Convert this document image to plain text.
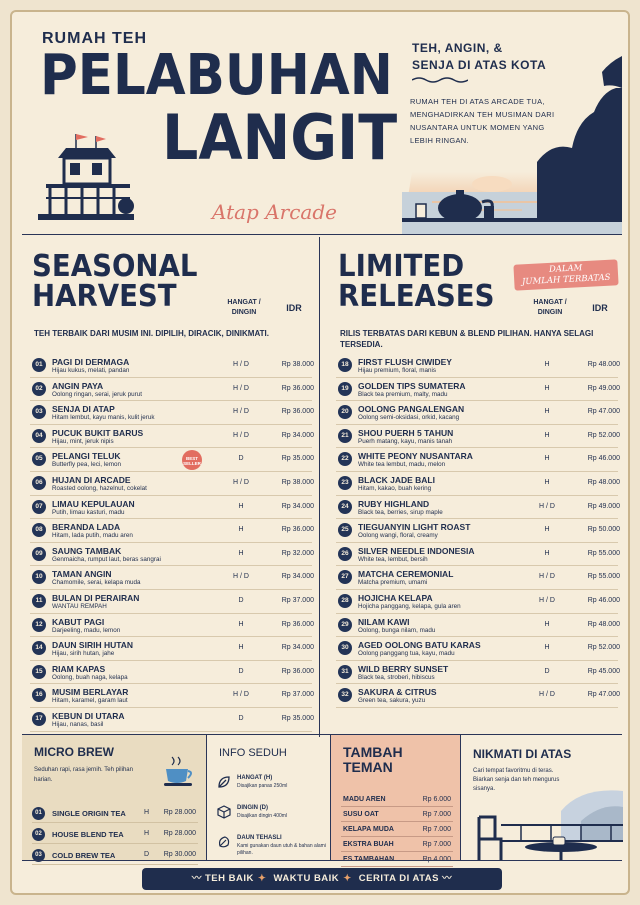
RUMAH TEH
PELABUHAN
LANGIT
Atap Arcade
TEH, ANGIN, &
SENJA DI ATAS KOTA
RUMAH TEH DI ATAS ARCADE TUA, MENGHADIRKAN TEH MUSIMAN DARI NUSANTARA UNTUK MOMEN YANG LEBIH RINGAN.
SEASONAL
HARVEST	HANGAT / DINGIN	IDR
TEH TERBAIK DARI MUSIM INI. DIPILIH, DIRACIK, DINIKMATI.
01	PAGI DI DERMAGA
Hijau kukus, melati, pandan
H / D	Rp 38.000
02	ANGIN PAYA
Oolong ringan, serai, jeruk purut
H / D	Rp 36.000
03	SENJA DI ATAP
Hitam lembut, kayu manis, kulit jeruk
H / D	Rp 36.000
04	PUCUK BUKIT BARUS
Hijau, mint, jeruk nipis
H / D	Rp 34.000
05	PELANGI TELUK
Butterfly pea, leci, lemon
D	Rp 35.000
BEST SELLER
06	HUJAN DI ARCADE
Roasted oolong, hazelnut, cokelat
H / D	Rp 38.000
07	LIMAU KEPULAUAN
Putih, limau kasturi, madu
H	Rp 34.000
08	BERANDA LADA
Hitam, lada putih, madu aren
H	Rp 36.000
09	SAUNG TAMBAK
Genmaicha, rumput laut, beras sangrai
H	Rp 32.000
10	TAMAN ANGIN
Chamomile, serai, kelapa muda
H / D	Rp 34.000
11	BULAN DI PERAIRAN
WANTAU REMPAH
D	Rp 37.000
12	KABUT PAGI
Darjeeling, madu, lemon
H	Rp 36.000
14	DAUN SIRIH HUTAN
Hijau, sirih hutan, jahe
H	Rp 34.000
15	RIAM KAPAS
Oolong, buah naga, kelapa
D	Rp 36.000
16	MUSIM BERLAYAR
Hitam, karamel, garam laut
H / D	Rp 37.000
17	KEBUN DI UTARA
Hijau, nanas, basil
D	Rp 35.000
LIMITED
RELEASES
DALAM
JUMLAH TERBATAS
HANGAT / DINGIN	IDR
RILIS TERBATAS DARI KEBUN & BLEND PILIHAN. HANYA SELAGI TERSEDIA.
18	FIRST FLUSH CIWIDEY
Hijau premium, floral, manis
H	Rp 48.000
19	GOLDEN TIPS SUMATERA
Black tea premium, malty, madu
H	Rp 49.000
20	OOLONG PANGALENGAN
Oolong semi-oksidasi, orkid, kacang
H	Rp 47.000
21	SHOU PUERH 5 TAHUN
Puerh matang, kayu, manis tanah
H	Rp 52.000
22	WHITE PEONY NUSANTARA
White tea lembut, madu, melon
H	Rp 46.000
23	BLACK JADE BALI
Hitam, kakao, buah kering
H	Rp 48.000
24	RUBY HIGHLAND
Black tea, berries, sirup maple
H / D	Rp 49.000
25	TIEGUANYIN LIGHT ROAST
Oolong wangi, floral, creamy
H	Rp 50.000
26	SILVER NEEDLE INDONESIA
White tea, lembut, bersih
H	Rp 55.000
27	MATCHA CEREMONIAL
Matcha premium, umami
H / D	Rp 55.000
28	HOJICHA KELAPA
Hojicha panggang, kelapa, gula aren
H / D	Rp 46.000
29	NILAM KAWI
Oolong, bunga nilam, madu
H	Rp 48.000
30	AGED OOLONG BATU KARAS
Oolong panggang tua, kayu, madu
H	Rp 52.000
31	WILD BERRY SUNSET
Black tea, stroberi, hibiscus
D	Rp 45.000
32	SAKURA & CITRUS
Green tea, sakura, yuzu
H / D	Rp 47.000
MICRO BREW
Seduhan rapi, rasa jernih. Teh pilihan harian.
01	SINGLE ORIGIN TEA	H	Rp 28.000
02	HOUSE BLEND TEA	H	Rp 28.000
03	COLD BREW TEA	D	Rp 30.000
INFO SEDUH
HANGAT (H)
Disajikan panas 250ml
DINGIN (D)
Disajikan dingin 400ml
DAUN TEHASLI
Kami gunakan daun utuh & bahan alami pilihan.
TAMBAH
TEMAN
MADU AREN	Rp 6.000
SUSU OAT	Rp 7.000
KELAPA MUDA	Rp 7.000
EKSTRA BUAH	Rp 7.000
ES TAMBAHAN	Rp 4.000
NIKMATI DI ATAS
Cari tempat favoritmu di teras. Biarkan senja dan teh mengurus sisanya.
〰 TEH BAIK ✦ WAKTU BAIK ✦ CERITA DI ATAS 〰
